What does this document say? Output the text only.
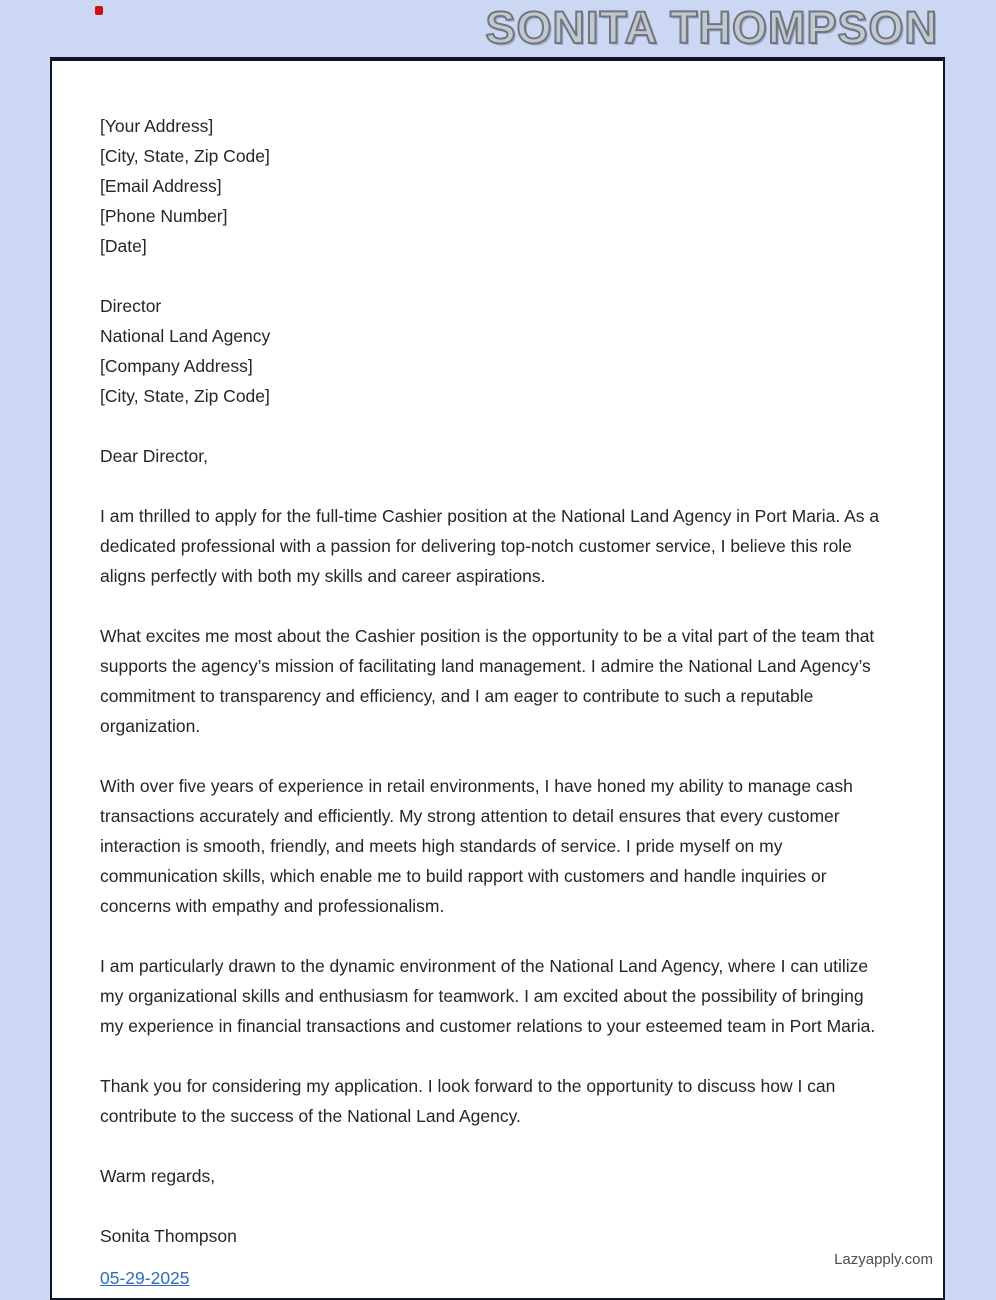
SONITA THOMPSON
[Your Address]
[City, State, Zip Code]
[Email Address]
[Phone Number]
[Date]
Director
National Land Agency
[Company Address]
[City, State, Zip Code]
Dear Director,

I am thrilled to apply for the full-time Cashier position at the National Land Agency in Port Maria. As a dedicated professional with a passion for delivering top-notch customer service, I believe this role aligns perfectly with both my skills and career aspirations.

What excites me most about the Cashier position is the opportunity to be a vital part of the team that supports the agency’s mission of facilitating land management. I admire the National Land Agency’s commitment to transparency and efficiency, and I am eager to contribute to such a reputable organization.

With over five years of experience in retail environments, I have honed my ability to manage cash transactions accurately and efficiently. My strong attention to detail ensures that every customer interaction is smooth, friendly, and meets high standards of service. I pride myself on my communication skills, which enable me to build rapport with customers and handle inquiries or concerns with empathy and professionalism.

I am particularly drawn to the dynamic environment of the National Land Agency, where I can utilize my organizational skills and enthusiasm for teamwork. I am excited about the possibility of bringing my experience in financial transactions and customer relations to your esteemed team in Port Maria.

Thank you for considering my application. I look forward to the opportunity to discuss how I can contribute to the success of the National Land Agency.

Warm regards,
Sonita Thompson
05-29-2025
Lazyapply.com
